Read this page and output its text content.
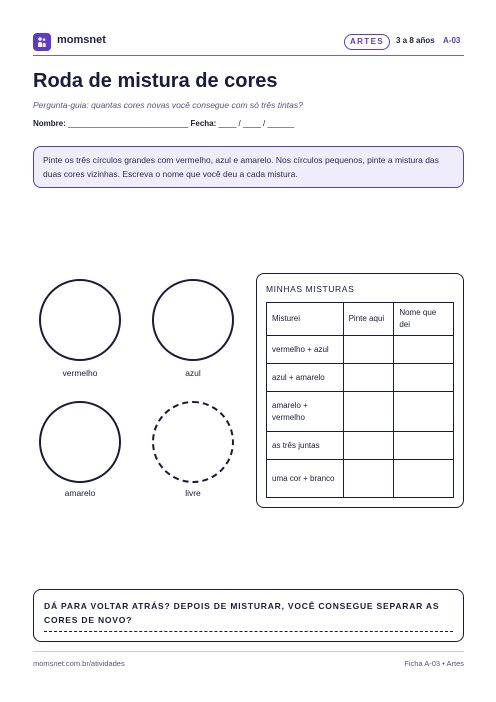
momsnet	ARTES	3 a 8 años A-03
Roda de mistura de cores
Pergunta-guia: quantas cores novas você consegue com só três tintas?
Nombre: ___________________________ Fecha: ____ / ____ / ______
Pinte os três círculos grandes com vermelho, azul e amarelo. Nos círculos pequenos, pinte a mistura das duas cores vizinhas. Escreva o nome que você deu a cada mistura.
vermelho	azul
amarelo	livre
MINHAS MISTURAS
Misturei	Pinte aqui	Nome que dei
vermelho + azul		
azul + amarelo		
amarelo + vermelho		
as três juntas		
uma cor + branco		
DÁ PARA VOLTAR ATRÁS? DEPOIS DE MISTURAR, VOCÊ CONSEGUE SEPARAR AS CORES DE NOVO?
momsnet.com.br/atividades	Ficha A-03 • Artes
